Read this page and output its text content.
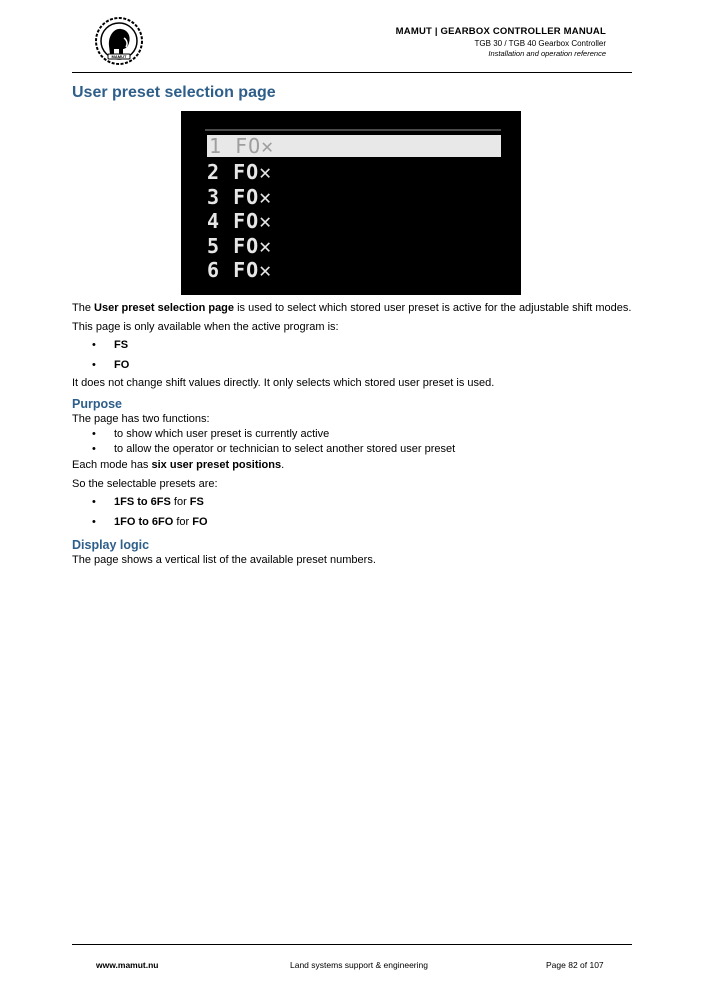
MAMUT
MAMUT | GEARBOX CONTROLLER MANUAL
TGB 30 / TGB 40 Gearbox Controller
Installation and operation reference
User preset selection page
1 FO✕
2 FO✕
3 FO✕
4 FO✕
5 FO✕
6 FO✕

The User preset selection page is used to select which stored user preset is active for the adjustable shift modes.

This page is only available when the active program is:

• FS
• FO

It does not change shift values directly. It only selects which stored user preset is used.

Purpose

The page has two functions:

• to show which user preset is currently active
• to allow the operator or technician to select another stored user preset

Each mode has six user preset positions.

So the selectable presets are:

• 1FS to 6FS for FS
• 1FO to 6FO for FO
Display logic

The page shows a vertical list of the available preset numbers.

www.mamut.nu	Land systems support & engineering	Page 82 of 107
